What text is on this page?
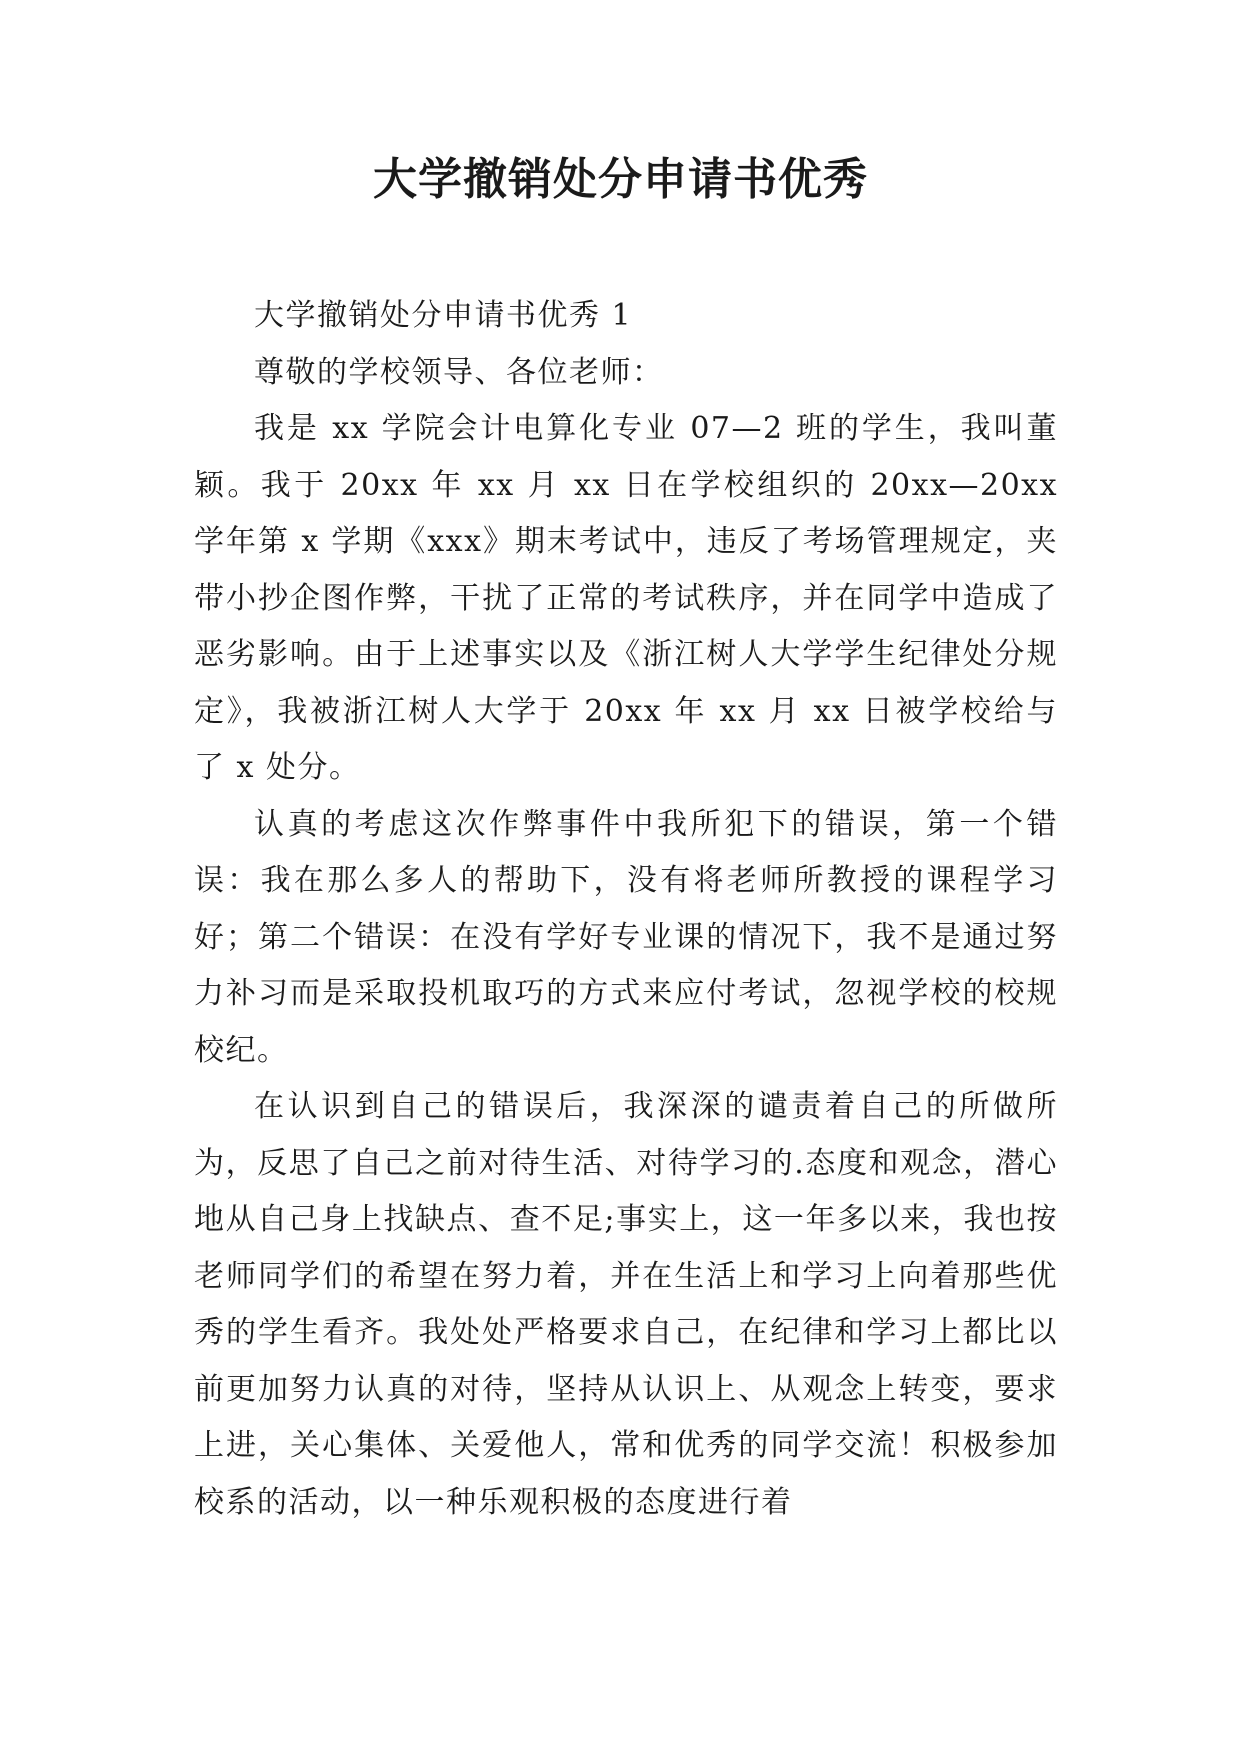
大学撤销处分申请书优秀

大学撤销处分申请书优秀 1

尊敬的学校领导、各位老师：

我是 xx 学院会计电算化专业 07—2 班的学生，我叫董颖。我于 20xx 年 xx 月 xx 日在学校组织的 20xx—20xx 学年第 x 学期《xxx》期末考试中，违反了考场管理规定，夹带小抄企图作弊，干扰了正常的考试秩序，并在同学中造成了恶劣影响。由于上述事实以及《浙江树人大学学生纪律处分规定》，我被浙江树人大学于 20xx 年 xx 月 xx 日被学校给与了 x 处分。

认真的考虑这次作弊事件中我所犯下的错误，第一个错误：我在那么多人的帮助下，没有将老师所教授的课程学习好；第二个错误：在没有学好专业课的情况下，我不是通过努力补习而是采取投机取巧的方式来应付考试，忽视学校的校规校纪。

在认识到自己的错误后，我深深的谴责着自己的所做所为，反思了自己之前对待生活、对待学习的.态度和观念，潜心地从自己身上找缺点、查不足;事实上，这一年多以来，我也按老师同学们的希望在努力着，并在生活上和学习上向着那些优秀的学生看齐。我处处严格要求自己，在纪律和学习上都比以前更加努力认真的对待，坚持从认识上、从观念上转变，要求上进，关心集体、关爱他人，常和优秀的同学交流！积极参加校系的活动，以一种乐观积极的态度进行着
